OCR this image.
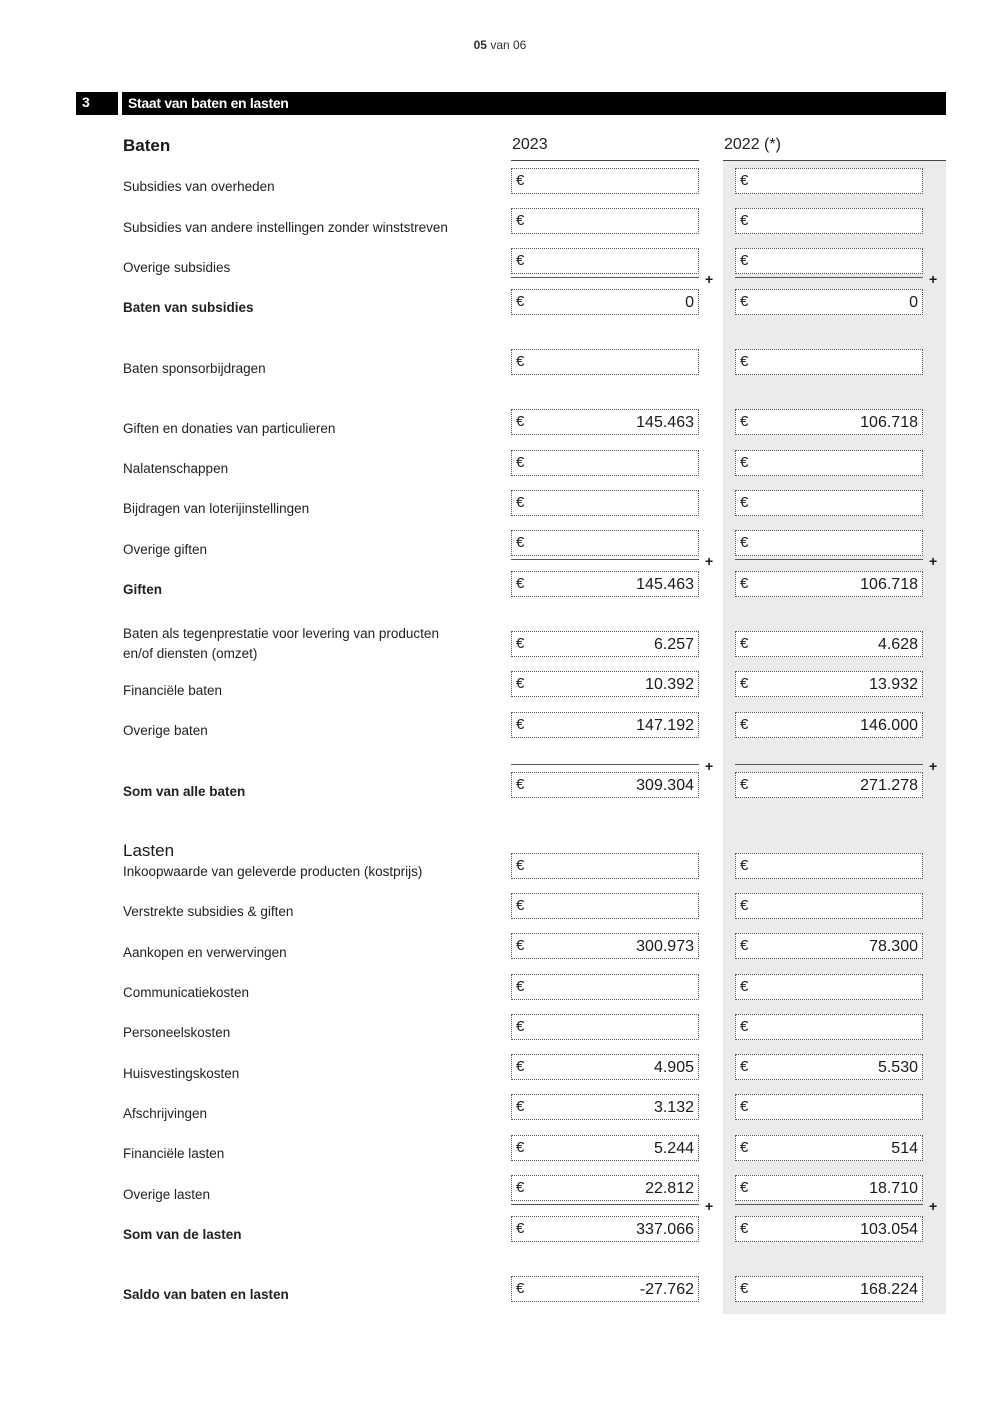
05 van 06
3	Staat van baten en lasten
Baten	2023	2022 (*)
Lasten
Subsidies van overheden	€	€
Subsidies van andere instellingen zonder winststreven	€	€
Overige subsidies	€	€
+	+
Baten van subsidies	€	0	€	0
Baten sponsorbijdragen	€	€
Giften en donaties van particulieren	€	145.463	€	106.718
Nalatenschappen	€	€
Bijdragen van loterijinstellingen	€	€
Overige giften	€	€
+	+
Giften	€	145.463	€	106.718
Baten als tegenprestatie voor levering van producten en/of diensten (omzet)
€	6.257	€	4.628
Financiële baten	€	10.392	€	13.932
Overige baten	€	147.192	€	146.000
+	+
Som van alle baten	€	309.304	€	271.278
Inkoopwaarde van geleverde producten (kostprijs)	€	€
Verstrekte subsidies & giften	€	€
Aankopen en verwervingen	€	300.973	€	78.300
Communicatiekosten	€	€
Personeelskosten	€	€
Huisvestingskosten	€	4.905	€	5.530
Afschrijvingen	€	3.132	€
Financiële lasten	€	5.244	€	514
Overige lasten	€	22.812	€	18.710
+	+
Som van de lasten	€	337.066	€	103.054
Saldo van baten en lasten	€	-27.762	€	168.224
